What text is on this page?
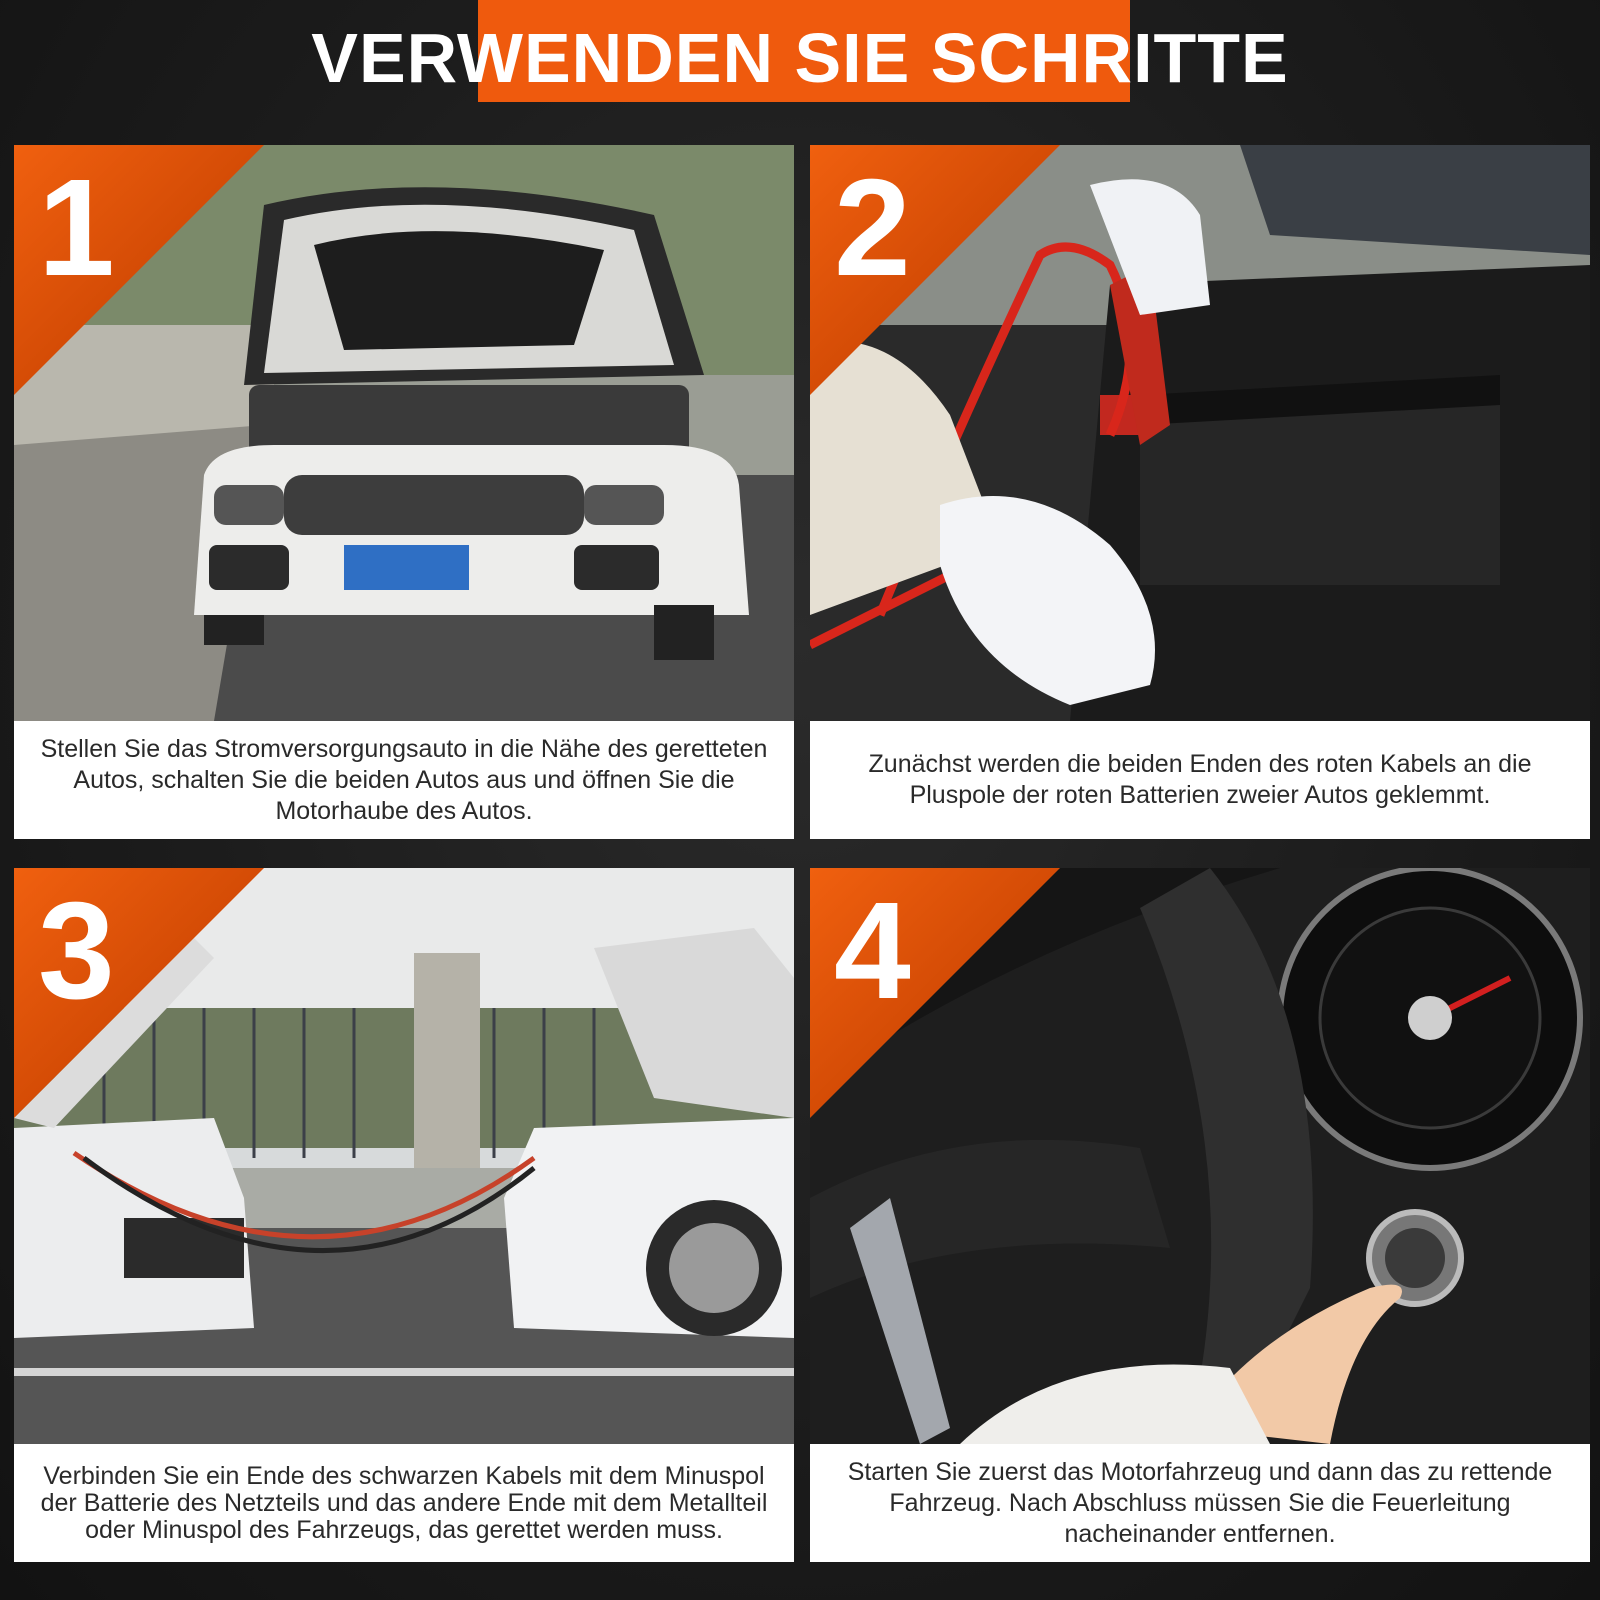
VERWENDEN SIE SCHRITTE
1
Stellen Sie das Stromversorgungsauto in die Nähe des geretteten Autos, schalten Sie die beiden Autos aus und öffnen Sie die Motorhaube des Autos.
2
Zunächst werden die beiden Enden des roten Kabels an die Pluspole der roten Batterien zweier Autos geklemmt.
3
Verbinden Sie ein Ende des schwarzen Kabels mit dem Minuspol der Batterie des Netzteils und das andere Ende mit dem Metallteil oder Minuspol des Fahrzeugs, das gerettet werden muss.
4
Starten Sie zuerst das Motorfahrzeug und dann das zu rettende Fahrzeug. Nach Abschluss müssen Sie die Feuerleitung nacheinander entfernen.
